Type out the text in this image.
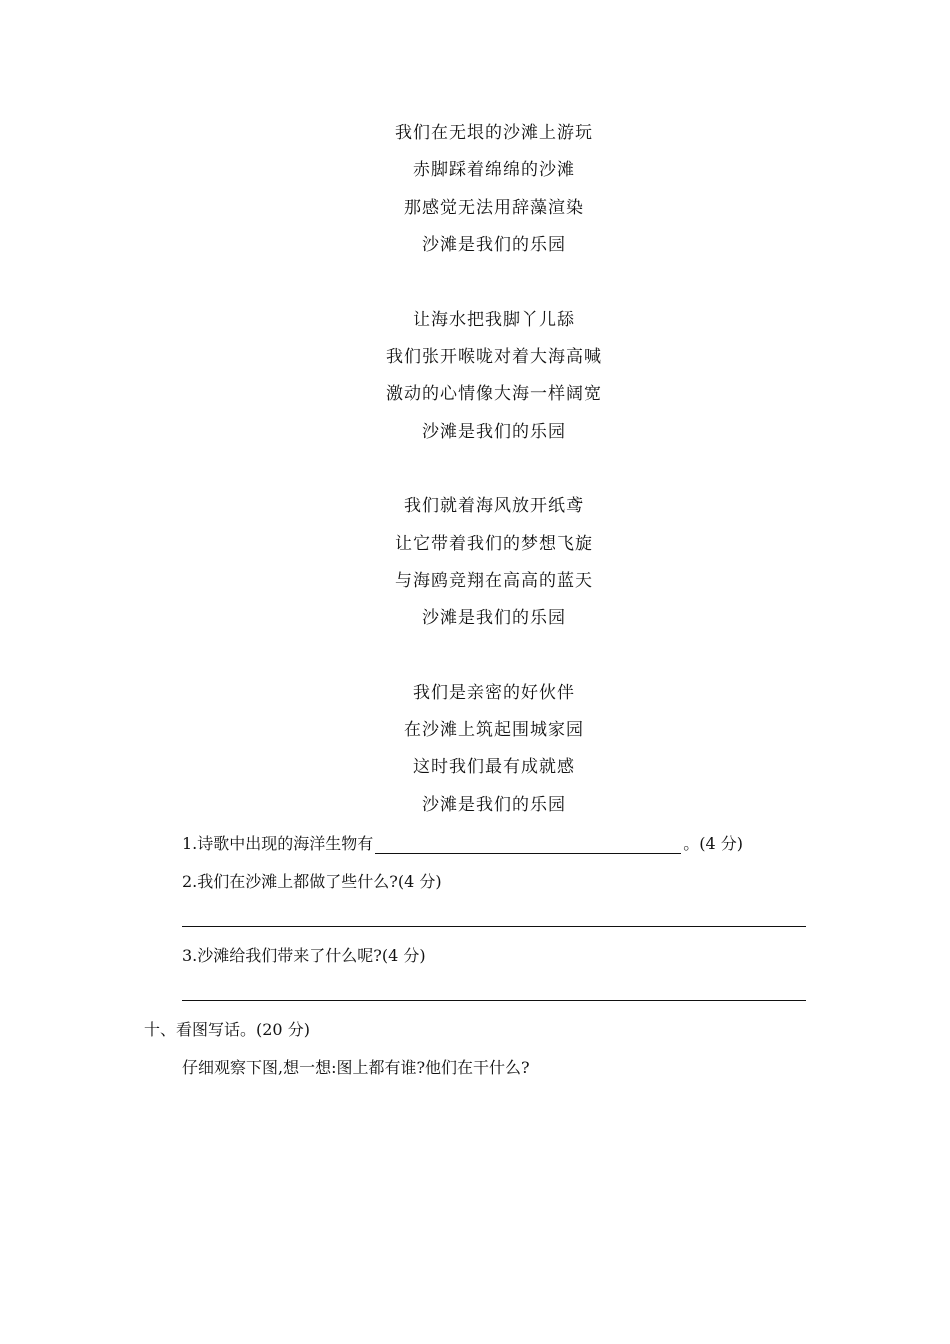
我们在无垠的沙滩上游玩
赤脚踩着绵绵的沙滩
那感觉无法用辞藻渲染
沙滩是我们的乐园
让海水把我脚丫儿舔
我们张开喉咙对着大海高喊
激动的心情像大海一样阔宽
沙滩是我们的乐园
我们就着海风放开纸鸢
让它带着我们的梦想飞旋
与海鸥竞翔在高高的蓝天
沙滩是我们的乐园
我们是亲密的好伙伴
在沙滩上筑起围城家园
这时我们最有成就感
沙滩是我们的乐园
1.诗歌中出现的海洋生物有	。(4 分)
2.我们在沙滩上都做了些什么?(4 分)
3.沙滩给我们带来了什么呢?(4 分)
十、看图写话。(20 分)
仔细观察下图,想一想:图上都有谁?他们在干什么?
